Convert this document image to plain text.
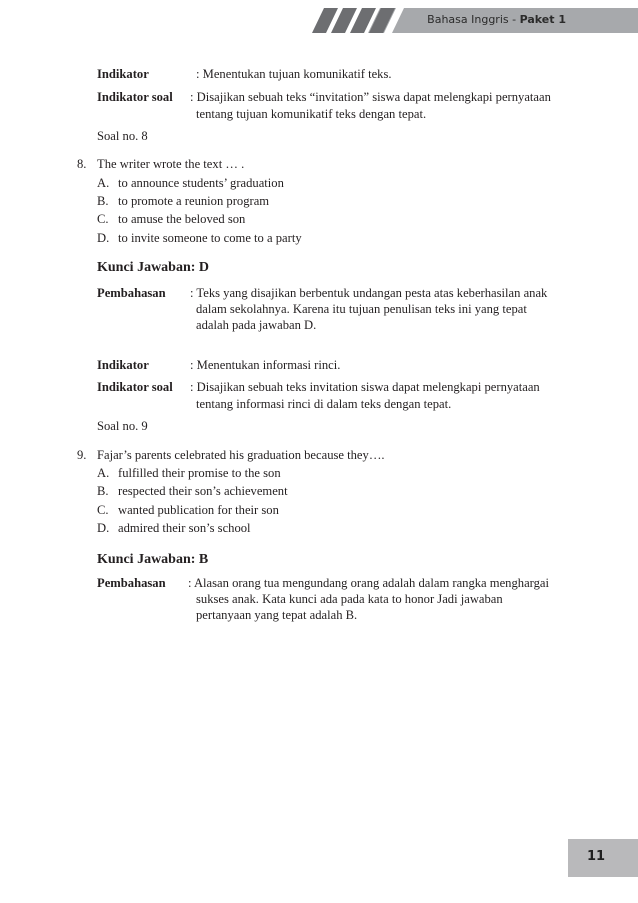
Bahasa Inggris - Paket 1
Indikator	: Menentukan tujuan komunikatif teks.
Indikator soal : Disajikan sebuah teks “invitation” siswa dapat melengkapi pernyataan
tentang tujuan komunikatif teks dengan tepat.
Soal no. 8
8. The writer wrote the text … .
A. to announce students’ graduation
B. to promote a reunion program
C. to amuse the beloved son
D. to invite someone to come to a party
Kunci Jawaban: D
Pembahasan : Teks yang disajikan berbentuk undangan pesta atas keberhasilan anak
dalam sekolahnya. Karena itu tujuan penulisan teks ini yang tepat
adalah pada jawaban D.
Indikator	: Menentukan informasi rinci.
Indikator soal : Disajikan sebuah teks invitation siswa dapat melengkapi pernyataan
tentang informasi rinci di dalam teks dengan tepat.
Soal no. 9
9. Fajar’s parents celebrated his graduation because they….
A. fulfilled their promise to the son
B. respected their son’s achievement
C. wanted publication for their son
D. admired their son’s school
Kunci Jawaban: B
Pembahasan : Alasan orang tua mengundang orang adalah dalam rangka menghargai
sukses anak. Kata kunci ada pada kata to honor Jadi jawaban
pertanyaan yang tepat adalah B.
11
